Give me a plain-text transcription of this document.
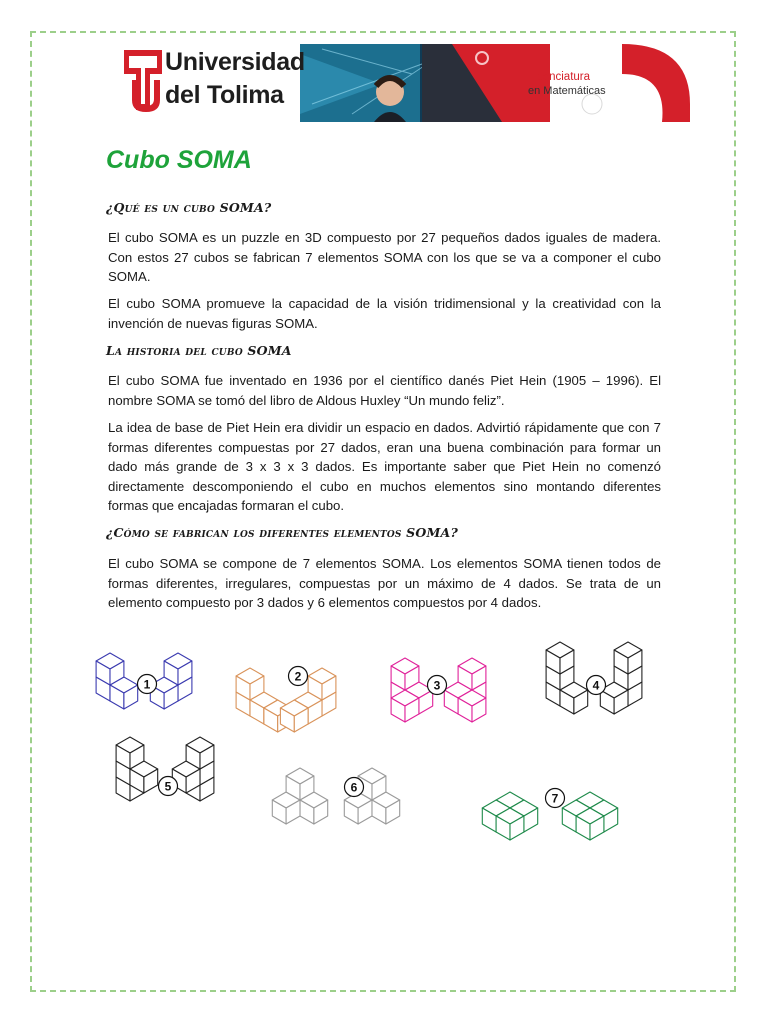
Universidad
del Tolima
Licenciatura
en Matemáticas
Cubo SOMA
¿Qué es un cubo SOMA?

El cubo SOMA es un puzzle en 3D compuesto por 27 pequeños dados iguales de madera. Con estos 27 cubos se fabrican 7 elementos SOMA con los que se va a componer el cubo SOMA.

El cubo SOMA promueve la capacidad de la visión tridimensional y la creatividad con la invención de nuevas figuras SOMA.

La historia del cubo SOMA

El cubo SOMA fue inventado en 1936 por el científico danés Piet Hein (1905 – 1996). El nombre SOMA se tomó del libro de Aldous Huxley “Un mundo feliz”.

La idea de base de Piet Hein era dividir un espacio en dados. Advirtió rápidamente que con 7 formas diferentes compuestas por 27 dados, eran una buena combinación para formar un dado más grande de 3 x 3 x 3 dados. Es importante saber que Piet Hein no comenzó directamente descomponiendo el cubo en muchos elementos sino montando diferentes formas que encajadas formaran el cubo.

¿Cómo se fabrican los diferentes elementos SOMA?

El cubo SOMA se compone de 7 elementos SOMA. Los elementos SOMA tienen todos de formas diferentes, irregulares, compuestas por un máximo de 4 dados. Se trata de un elemento compuesto por 3 dados y 6 elementos compuestos por 4 dados.

1
2
3	4
5	6
7
